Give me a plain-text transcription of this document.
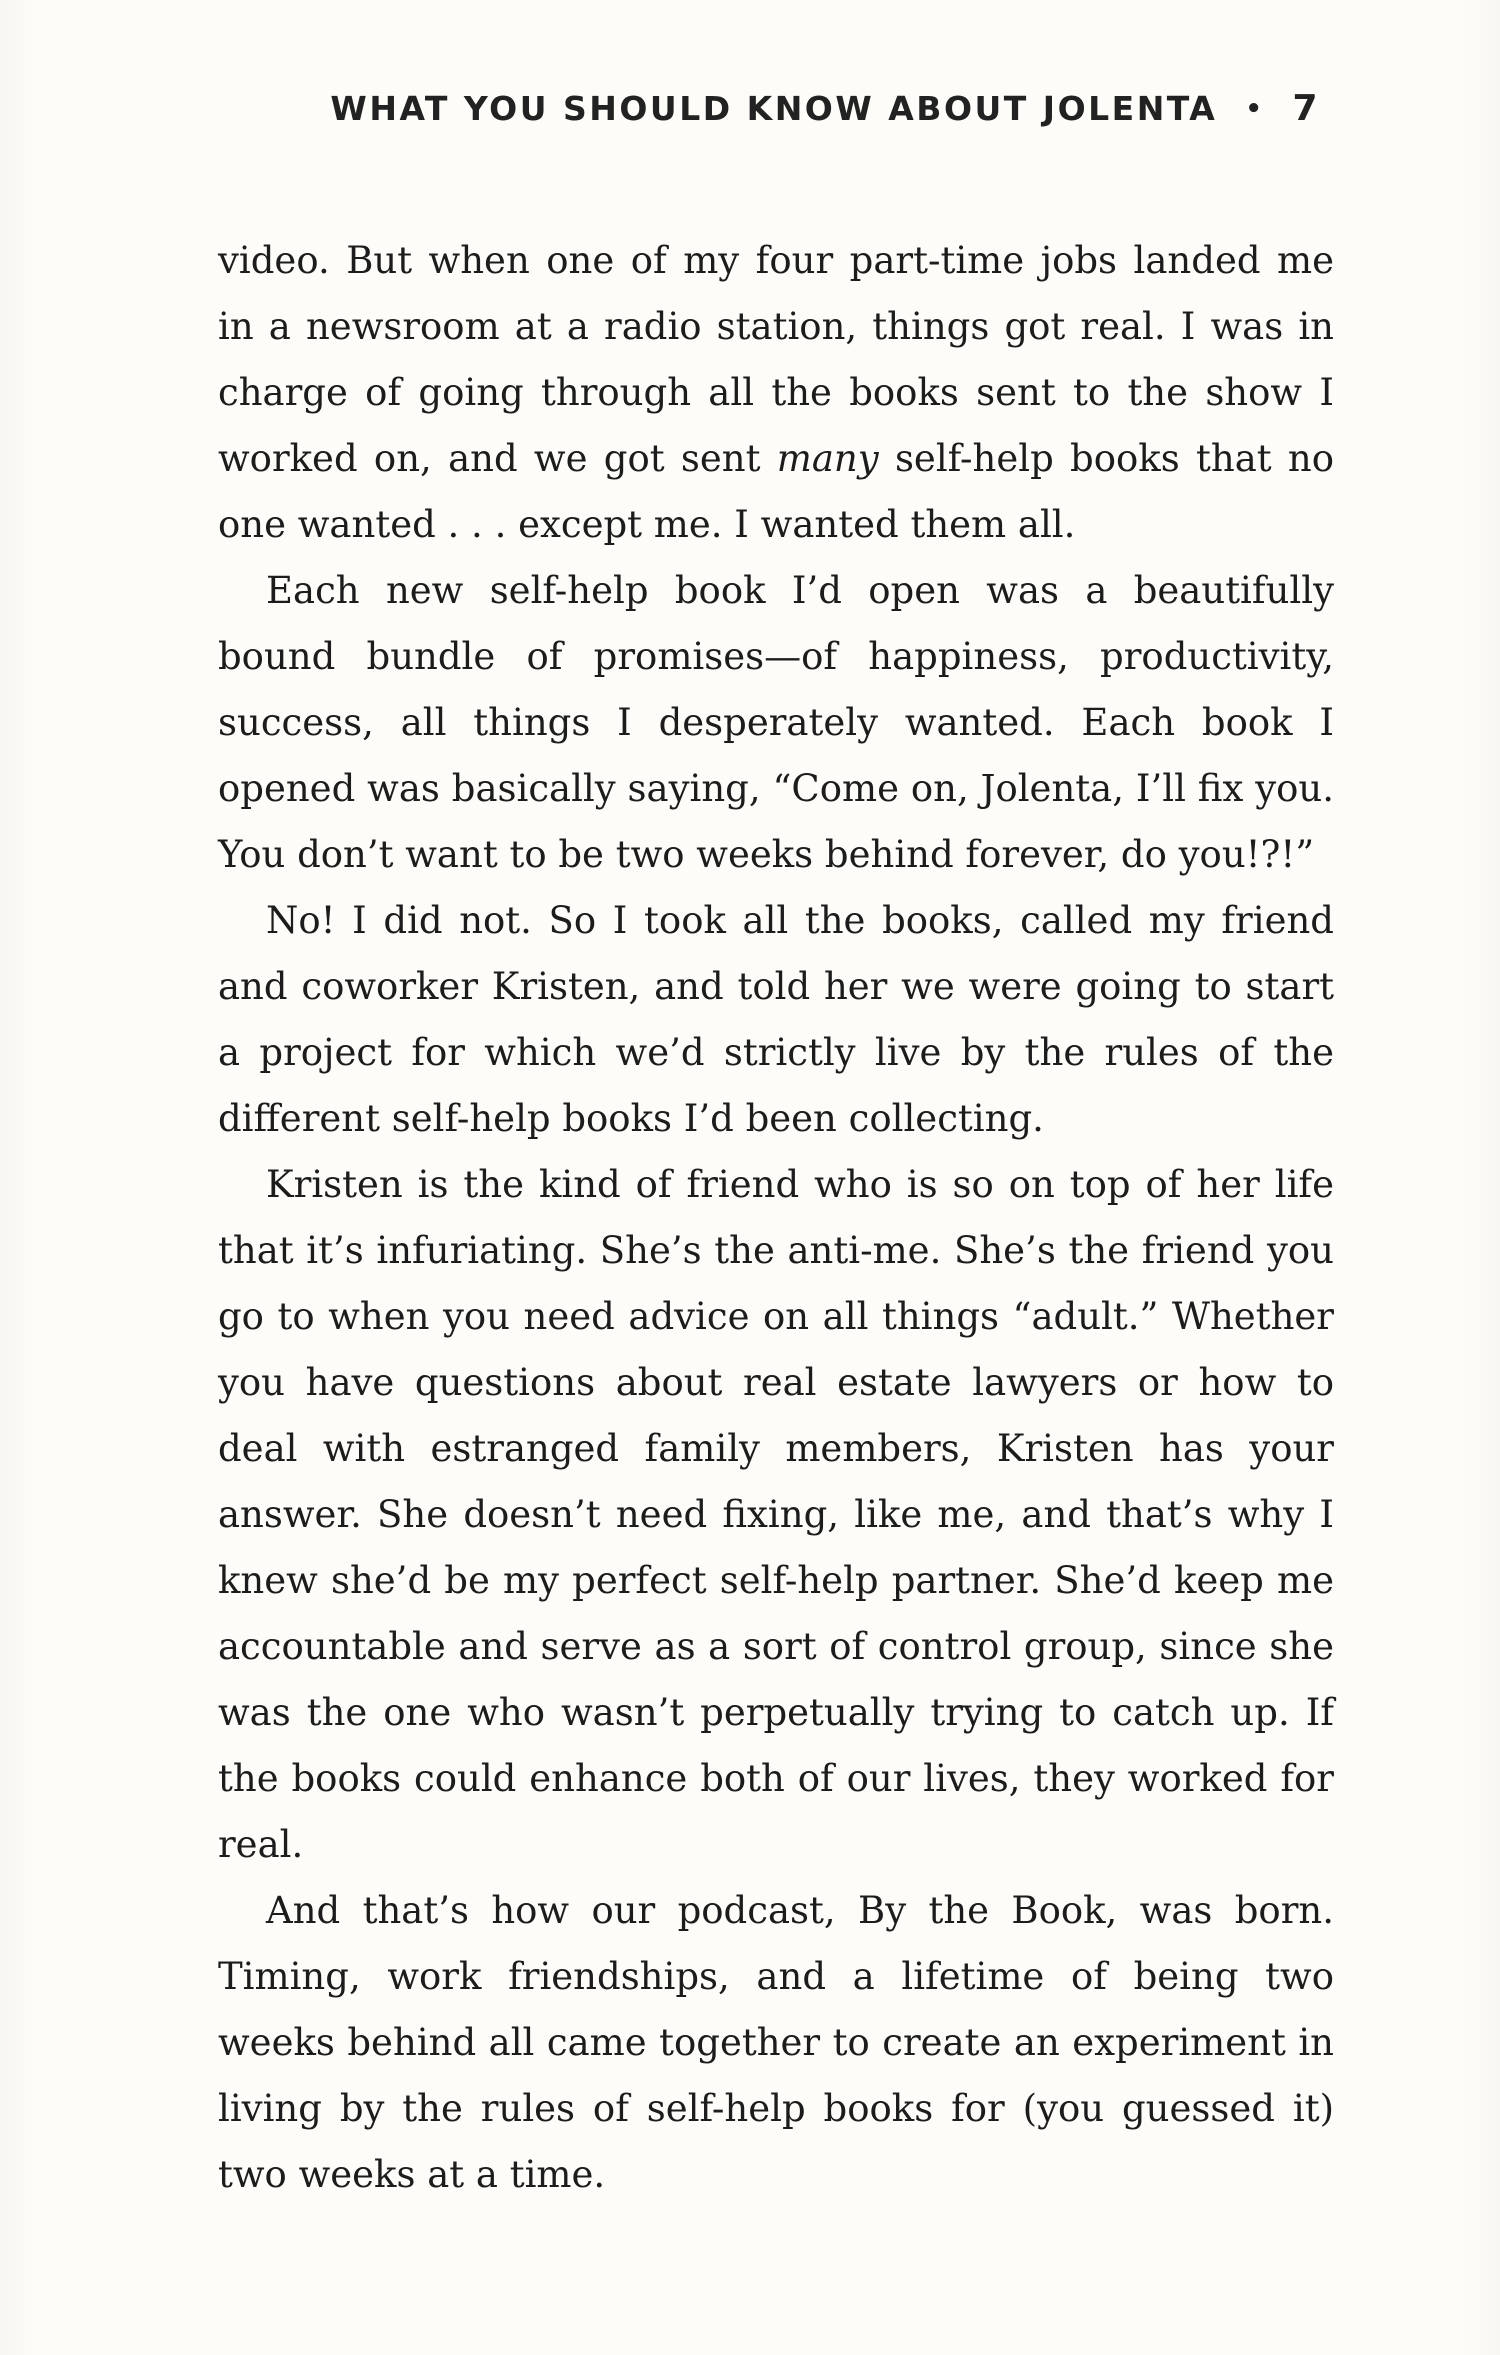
WHAT YOU SHOULD KNOW ABOUT JOLENTA • 7

video. But when one of my four part-time jobs landed me in a newsroom at a radio station, things got real. I was in charge of going through all the books sent to the show I worked on, and we got sent many self-help books that no one wanted . . . except me. I wanted them all.

Each new self-help book I’d open was a beautifully bound bundle of promises—of happiness, productivity, success, all things I desperately wanted. Each book I opened was basically saying, “Come on, Jolenta, I’ll fix you. You don’t want to be two weeks behind forever, do you!?!”

No! I did not. So I took all the books, called my friend and coworker Kristen, and told her we were going to start a project for which we’d strictly live by the rules of the different self-help books I’d been collecting.

Kristen is the kind of friend who is so on top of her life that it’s infuriating. She’s the anti-me. She’s the friend you go to when you need advice on all things “adult.” Whether you have questions about real estate lawyers or how to deal with estranged family members, Kristen has your answer. She doesn’t need fixing, like me, and that’s why I knew she’d be my perfect self-help partner. She’d keep me accountable and serve as a sort of control group, since she was the one who wasn’t perpetually trying to catch up. If the books could enhance both of our lives, they worked for real.

And that’s how our podcast, By the Book, was born. Timing, work friendships, and a lifetime of being two weeks behind all came together to create an experiment in living by the rules of self-help books for (you guessed it) two weeks at a time.
